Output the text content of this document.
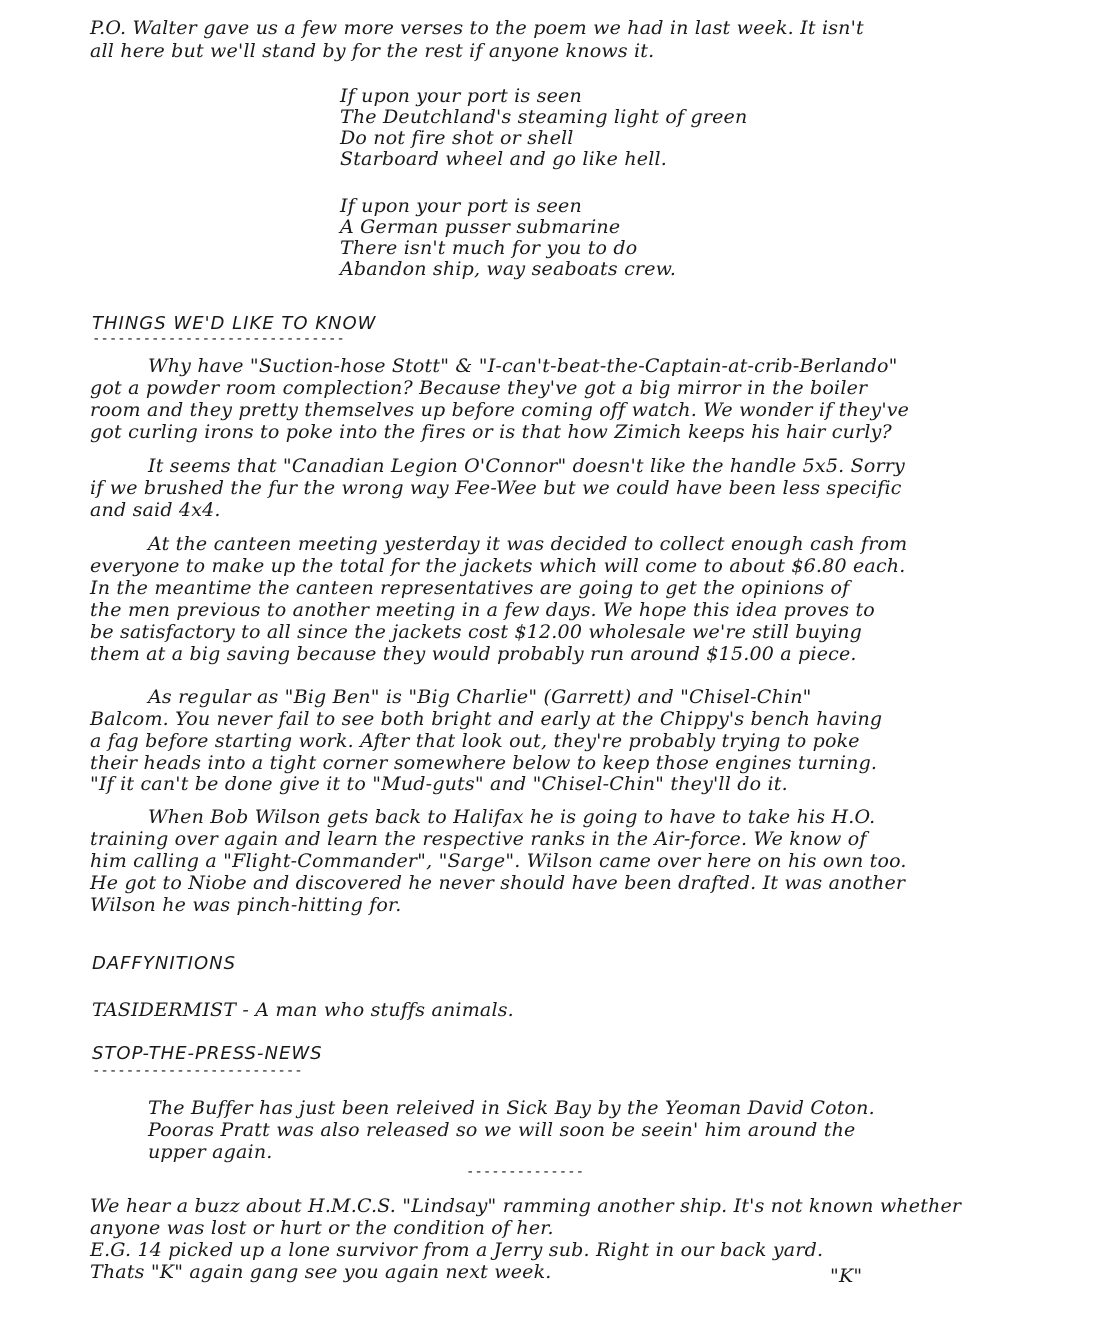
P.O. Walter gave us a few more verses to the poem we had in last week. It isn't
all here but we'll stand by for the rest if anyone knows it.
If upon your port is seen
The Deutchland's steaming light of green
Do not fire shot or shell
Starboard wheel and go like hell.
If upon your port is seen
A German pusser submarine
There isn't much for you to do
Abandon ship, way seaboats crew.
THINGS WE'D LIKE TO KNOW
------------------------------
Why have "Suction-hose Stott" & "I-can't-beat-the-Captain-at-crib-Berlando"
got a powder room complection? Because they've got a big mirror in the boiler
room and they pretty themselves up before coming off watch. We wonder if they've
got curling irons to poke into the fires or is that how Zimich keeps his hair curly?
It seems that "Canadian Legion O'Connor" doesn't like the handle 5x5. Sorry
if we brushed the fur the wrong way Fee-Wee but we could have been less specific
and said 4x4.
At the canteen meeting yesterday it was decided to collect enough cash from
everyone to make up the total for the jackets which will come to about $6.80 each.
In the meantime the canteen representatives are going to get the opinions of
the men previous to another meeting in a few days. We hope this idea proves to
be satisfactory to all since the jackets cost $12.00 wholesale we're still buying
them at a big saving because they would probably run around $15.00 a piece.
As regular as "Big Ben" is "Big Charlie" (Garrett) and "Chisel-Chin"
Balcom. You never fail to see both bright and early at the Chippy's bench having
a fag before starting work. After that look out, they're probably trying to poke
their heads into a tight corner somewhere below to keep those engines turning.
"If it can't be done give it to "Mud-guts" and "Chisel-Chin" they'll do it.
When Bob Wilson gets back to Halifax he is going to have to take his H.O.
training over again and learn the respective ranks in the Air-force. We know of
him calling a "Flight-Commander", "Sarge". Wilson came over here on his own too.
He got to Niobe and discovered he never should have been drafted. It was another
Wilson he was pinch-hitting for.
DAFFYNITIONS
TASIDERMIST - A man who stuffs animals.
STOP-THE-PRESS-NEWS
-------------------------
The Buffer has just been releived in Sick Bay by the Yeoman David Coton.
Pooras Pratt was also released so we will soon be seein' him around the
upper again.
--------------
We hear a buzz about H.M.C.S. "Lindsay" ramming another ship. It's not known whether
anyone was lost or hurt or the condition of her.
E.G. 14 picked up a lone survivor from a Jerry sub. Right in our back yard.
Thats "K" again gang see you again next week.	"K"
